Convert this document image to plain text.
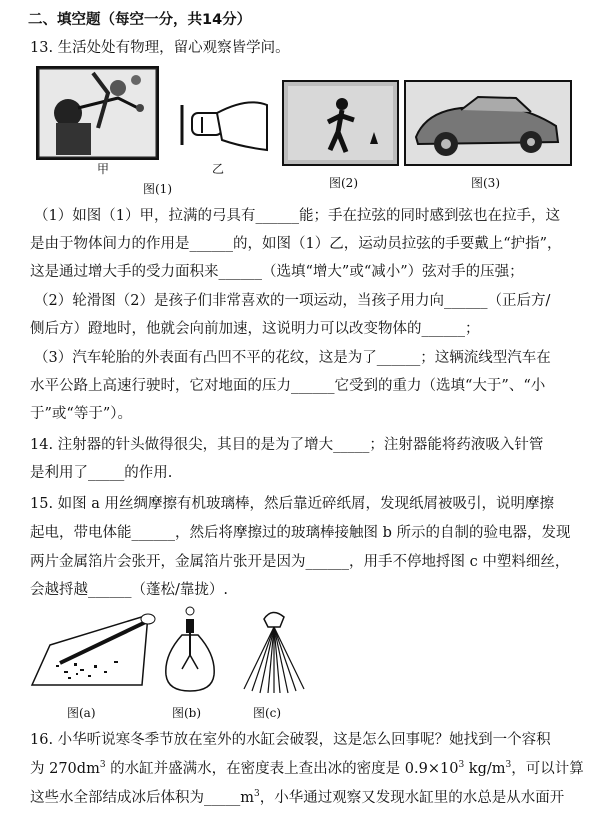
二、填空题（每空一分，共14分）
13. 生活处处有物理，留心观察皆学问。
甲	乙
图(1)	图(2)	图(3)
（1）如图（1）甲，拉满的弓具有______能；手在拉弦的同时感到弦也在拉手，这
是由于物体间力的作用是______的，如图（1）乙，运动员拉弦的手要戴上“护指”，
这是通过增大手的受力面积来______（选填“增大”或“减小”）弦对手的压强；
（2）轮滑图（2）是孩子们非常喜欢的一项运动，当孩子用力向______（正后方/
侧后方）蹬地时，他就会向前加速，这说明力可以改变物体的______；
（3）汽车轮胎的外表面有凸凹不平的花纹，这是为了______；这辆流线型汽车在
水平公路上高速行驶时，它对地面的压力______它受到的重力（选填“大于”、“小
于”或“等于”）。
14. 注射器的针头做得很尖，其目的是为了增大_____；注射器能将药液吸入针管
是利用了_____的作用.
15. 如图 a 用丝绸摩擦有机玻璃棒，然后靠近碎纸屑，发现纸屑被吸引，说明摩擦
起电，带电体能______，然后将摩擦过的玻璃棒接触图 b 所示的自制的验电器，发现
两片金属箔片会张开，金属箔片张开是因为______，用手不停地捋图 c 中塑料细丝，
会越捋越______（蓬松/靠拢）.
图(a)	图(b)	图(c)
16. 小华听说寒冬季节放在室外的水缸会破裂，这是怎么回事呢？她找到一个容积
为 $270dm^3$ 的水缸并盛满水，在密度表上查出冰的密度是 $0.9\times 10^3$ $kg/m^3$，可以计算
这些水全部结成冰后体积为$\_\_\_\_\_m^3$，小华通过观察又发现水缸里的水总是从水面开
